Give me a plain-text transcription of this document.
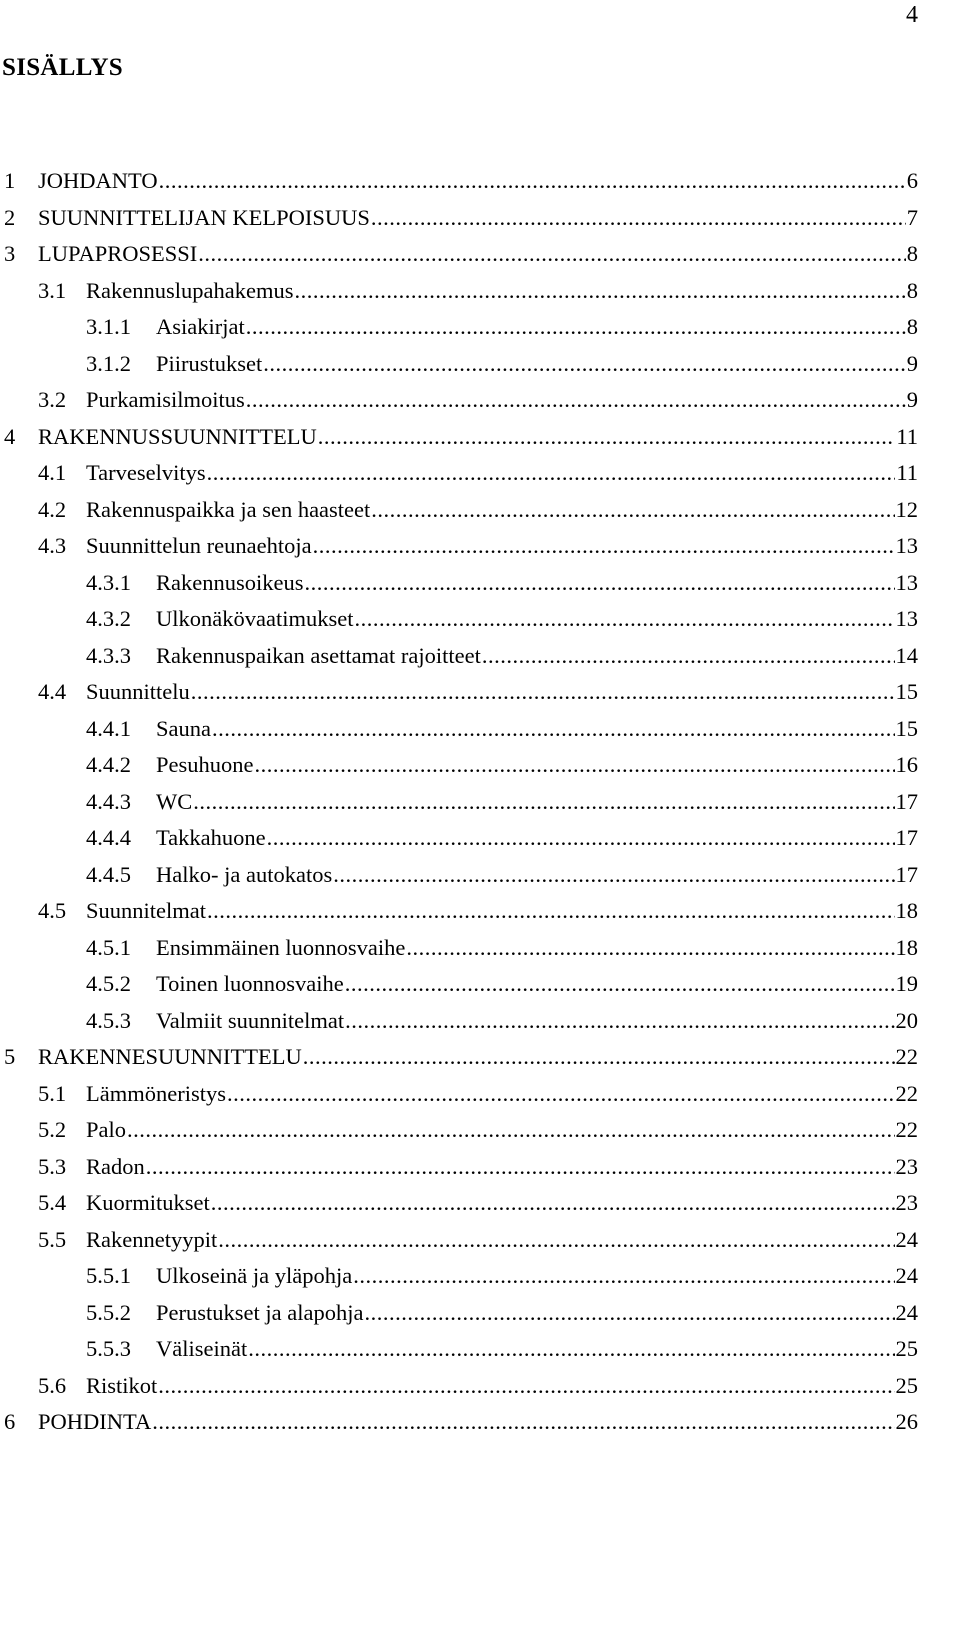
4
SISÄLLYS
1 JOHDANTO .....	6
2 SUUNNITTELIJAN KELPOISUUS .....	7
3 LUPAPROSESSI .....	8
3.1 Rakennuslupahakemus .....	8
3.1.1 Asiakirjat .....	8
3.1.2 Piirustukset .....	9
3.2 Purkamisilmoitus .....	9
4 RAKENNUSSUUNNITTELU .....	11
4.1 Tarveselvitys .....	11
4.2 Rakennuspaikka ja sen haasteet .....	12
4.3 Suunnittelun reunaehtoja .....	13
4.3.1 Rakennusoikeus .....	13
4.3.2 Ulkonäkövaatimukset .....	13
4.3.3 Rakennuspaikan asettamat rajoitteet .....	14
4.4 Suunnittelu .....	15
4.4.1 Sauna .....	15
4.4.2 Pesuhuone .....	16
4.4.3 WC .....	17
4.4.4 Takkahuone .....	17
4.4.5 Halko- ja autokatos .....	17
4.5 Suunnitelmat .....	18
4.5.1 Ensimmäinen luonnosvaihe .....	18
4.5.2 Toinen luonnosvaihe .....	19
4.5.3 Valmiit suunnitelmat .....	20
5 RAKENNESUUNNITTELU .....	22
5.1 Lämmöneristys .....	22
5.2 Palo .....	22
5.3 Radon .....	23
5.4 Kuormitukset .....	23
5.5 Rakennetyypit .....	24
5.5.1 Ulkoseinä ja yläpohja .....	24
5.5.2 Perustukset ja alapohja .....	24
5.5.3 Väliseinät .....	25
5.6 Ristikot .....	25
6 POHDINTA .....	26
